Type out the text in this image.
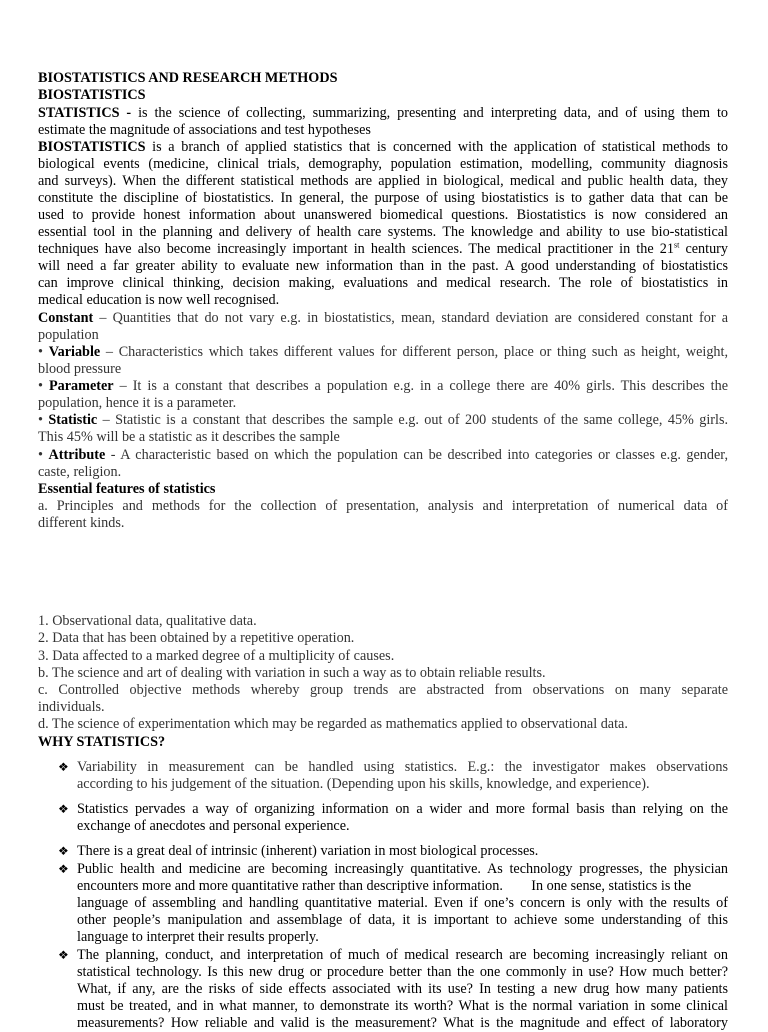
BIOSTATISTICS AND RESEARCH METHODS
BIOSTATISTICS
STATISTICS - is the science of collecting, summarizing, presenting and interpreting data, and of using them to
estimate the magnitude of associations and test hypotheses
BIOSTATISTICS is a branch of applied statistics that is concerned with the application of statistical methods to
biological events (medicine, clinical trials, demography, population estimation, modelling, community diagnosis
and surveys). When the different statistical methods are applied in biological, medical and public health data, they
constitute the discipline of biostatistics. In general, the purpose of using biostatistics is to gather data that can be
used to provide honest information about unanswered biomedical questions. Biostatistics is now considered an
essential tool in the planning and delivery of health care systems. The knowledge and ability to use bio-statistical
techniques have also become increasingly important in health sciences. The medical practitioner in the 21st century
will need a far greater ability to evaluate new information than in the past. A good understanding of biostatistics
can improve clinical thinking, decision making, evaluations and medical research. The role of biostatistics in
medical education is now well recognised.
Constant – Quantities that do not vary e.g. in biostatistics, mean, standard deviation are considered constant for a
population
• Variable – Characteristics which takes different values for different person, place or thing such as height, weight,
blood pressure
• Parameter – It is a constant that describes a population e.g. in a college there are 40% girls. This describes the
population, hence it is a parameter.
• Statistic – Statistic is a constant that describes the sample e.g. out of 200 students of the same college, 45% girls.
This 45% will be a statistic as it describes the sample
• Attribute - A characteristic based on which the population can be described into categories or classes e.g. gender,
caste, religion.
Essential features of statistics
a. Principles and methods for the collection of presentation, analysis and interpretation of numerical data of
different kinds.
1. Observational data, qualitative data.
2. Data that has been obtained by a repetitive operation.
3. Data affected to a marked degree of a multiplicity of causes.
b. The science and art of dealing with variation in such a way as to obtain reliable results.
c. Controlled objective methods whereby group trends are abstracted from observations on many separate
individuals.
d. The science of experimentation which may be regarded as mathematics applied to observational data.
WHY STATISTICS?
❖ Variability in measurement can be handled using statistics. E.g.: the investigator makes observations
according to his judgement of the situation. (Depending upon his skills, knowledge, and experience).
❖ Statistics pervades a way of organizing information on a wider and more formal basis than relying on the
exchange of anecdotes and personal experience.
❖ There is a great deal of intrinsic (inherent) variation in most biological processes.
❖ Public health and medicine are becoming increasingly quantitative. As technology progresses, the physician
encounters more and more quantitative rather than descriptive information.        In one sense, statistics is the
language of assembling and handling quantitative material. Even if one’s concern is only with the results of
other people’s manipulation and assemblage of data, it is important to achieve some understanding of this
language to interpret their results properly.
❖ The planning, conduct, and interpretation of much of medical research are becoming increasingly reliant on
statistical technology. Is this new drug or procedure better than the one commonly in use? How much better?
What, if any, are the risks of side effects associated with its use? In testing a new drug how many patients
must be treated, and in what manner, to demonstrate its worth? What is the normal variation in some clinical
measurements? How reliable and valid is the measurement? What is the magnitude and effect of laboratory
